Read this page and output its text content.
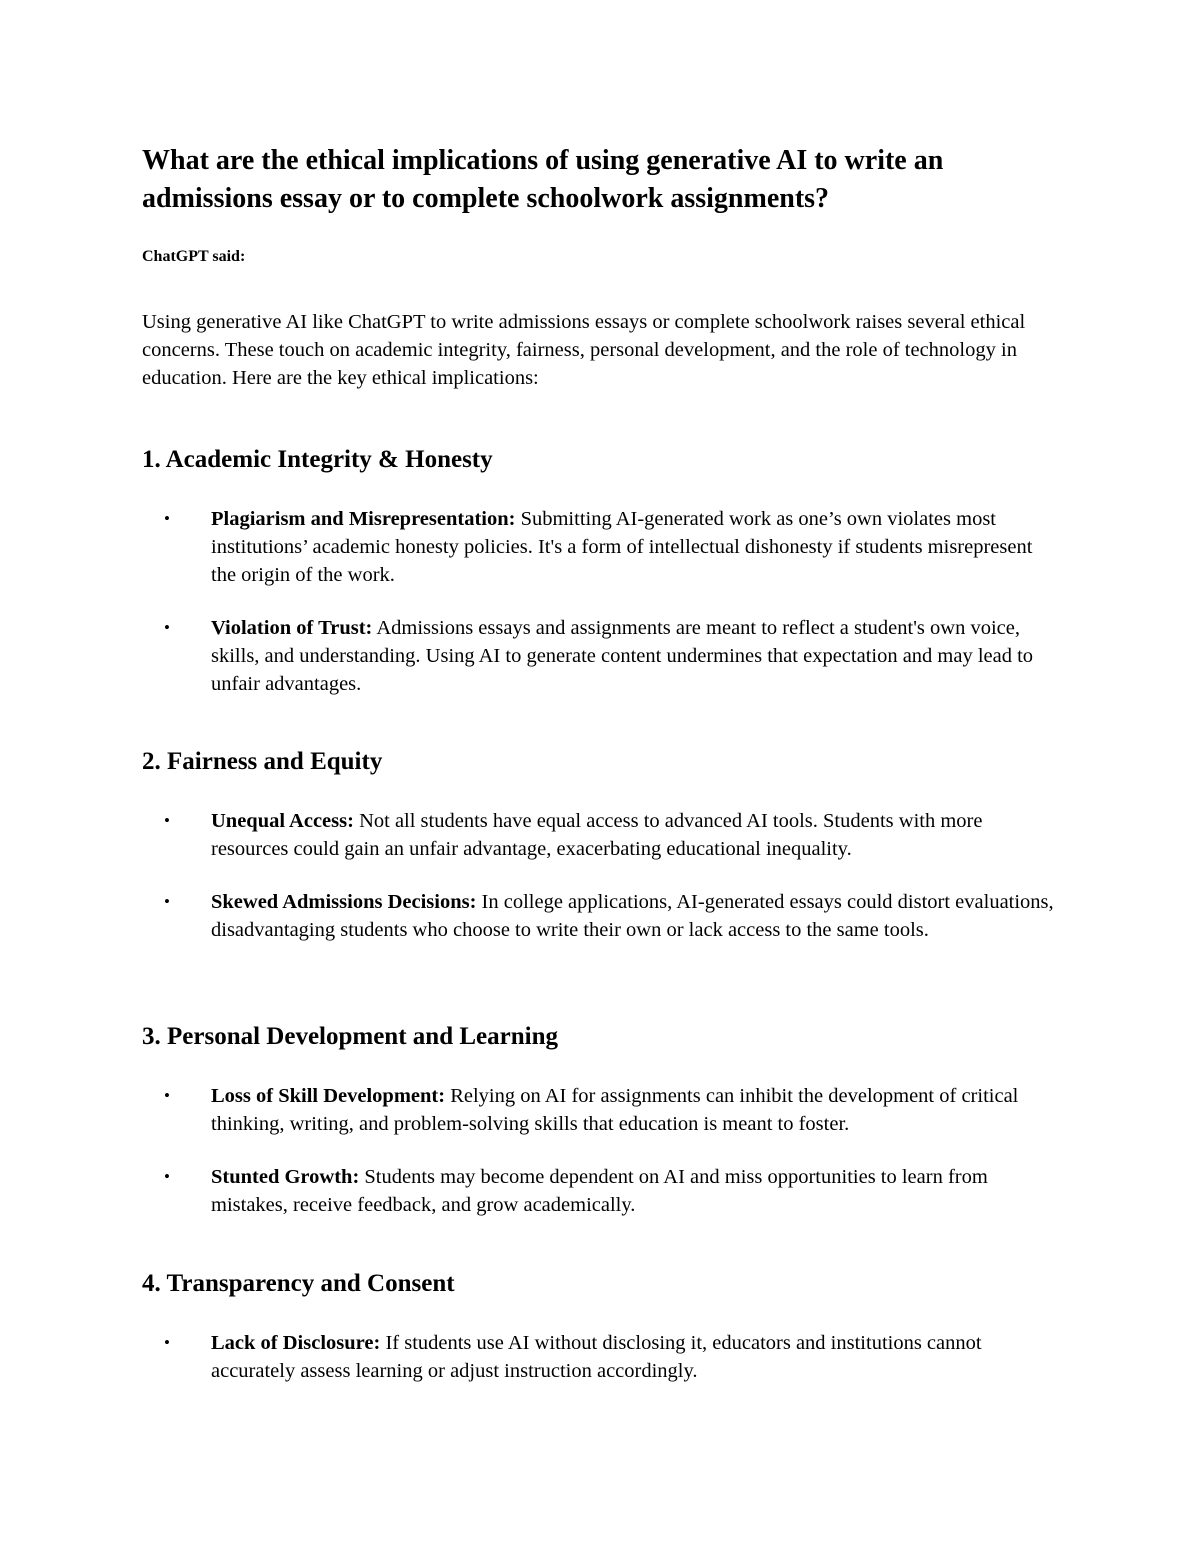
What are the ethical implications of using generative AI to write an admissions essay or to complete schoolwork assignments?

ChatGPT said:

Using generative AI like ChatGPT to write admissions essays or complete schoolwork raises several ethical concerns. These touch on academic integrity, fairness, personal development, and the role of technology in education. Here are the key ethical implications:

1. Academic Integrity & Honesty
• Plagiarism and Misrepresentation: Submitting AI-generated work as one’s own violates most institutions’ academic honesty policies. It's a form of intellectual dishonesty if students misrepresent the origin of the work.
• Violation of Trust: Admissions essays and assignments are meant to reflect a student's own voice, skills, and understanding. Using AI to generate content undermines that expectation and may lead to unfair advantages.
2. Fairness and Equity
• Unequal Access: Not all students have equal access to advanced AI tools. Students with more resources could gain an unfair advantage, exacerbating educational inequality.
• Skewed Admissions Decisions: In college applications, AI-generated essays could distort evaluations, disadvantaging students who choose to write their own or lack access to the same tools.
3. Personal Development and Learning
• Loss of Skill Development: Relying on AI for assignments can inhibit the development of critical thinking, writing, and problem-solving skills that education is meant to foster.
• Stunted Growth: Students may become dependent on AI and miss opportunities to learn from mistakes, receive feedback, and grow academically.
4. Transparency and Consent
• Lack of Disclosure: If students use AI without disclosing it, educators and institutions cannot accurately assess learning or adjust instruction accordingly.
